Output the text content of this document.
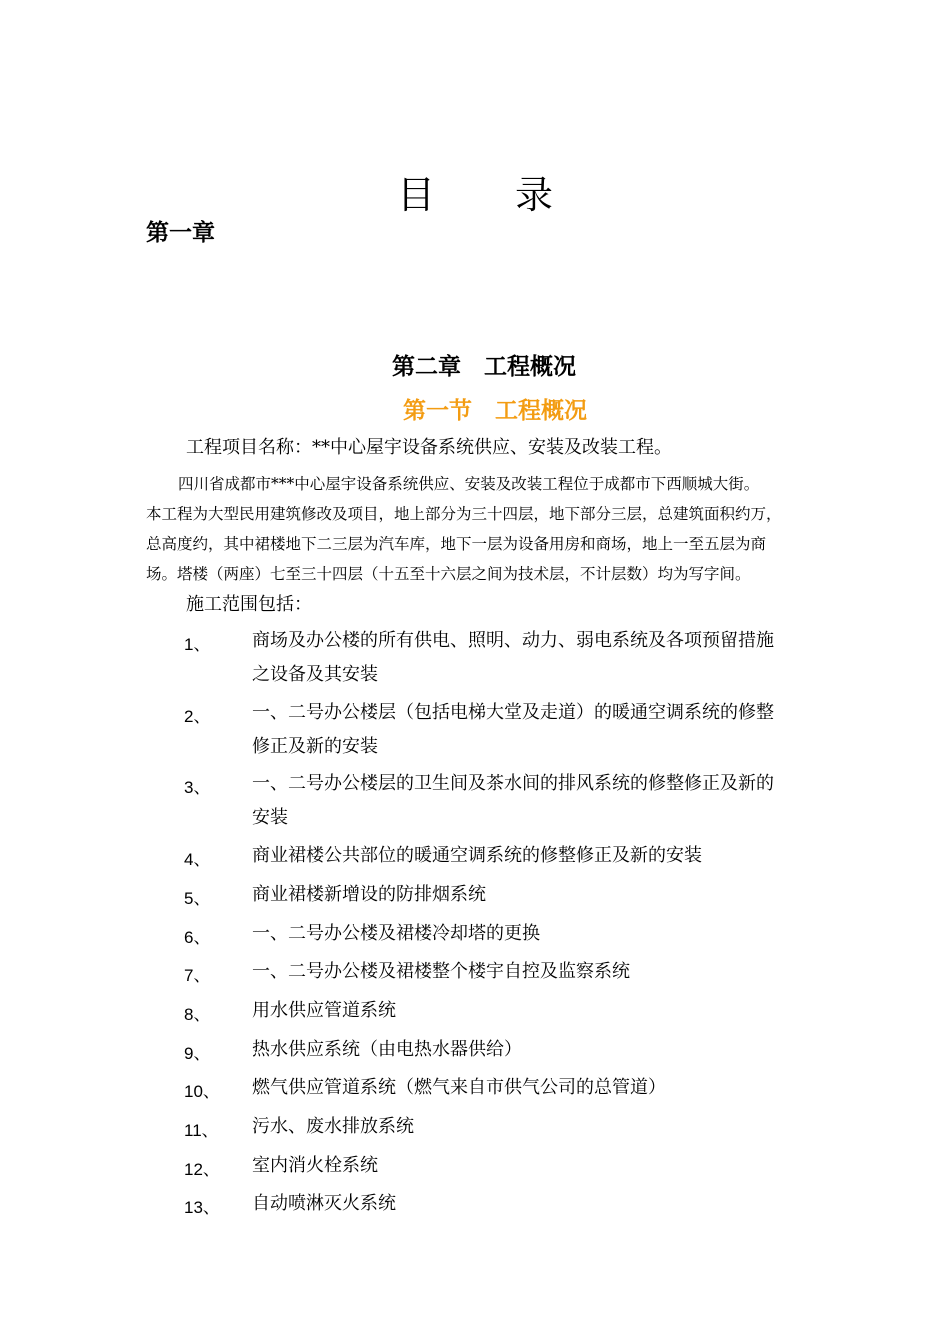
目 录
第一章
第二章　工程概况
第一节　工程概况
工程项目名称：**中心屋宇设备系统供应、安装及改装工程。
四川省成都市***中心屋宇设备系统供应、安装及改装工程位于成都市下西顺城大街。
本工程为大型民用建筑修改及项目，地上部分为三十四层，地下部分三层，总建筑面积约万，
总高度约，其中裙楼地下二三层为汽车库，地下一层为设备用房和商场，地上一至五层为商
场。塔楼（两座）七至三十四层（十五至十六层之间为技术层，不计层数）均为写字间。
施工范围包括：
1、 商场及办公楼的所有供电、照明、动力、弱电系统及各项预留措施
之设备及其安装
2、 一、二号办公楼层（包括电梯大堂及走道）的暖通空调系统的修整
修正及新的安装
3、 一、二号办公楼层的卫生间及茶水间的排风系统的修整修正及新的
安装
4、 商业裙楼公共部位的暖通空调系统的修整修正及新的安装
5、 商业裙楼新增设的防排烟系统
6、 一、二号办公楼及裙楼冷却塔的更换
7、 一、二号办公楼及裙楼整个楼宇自控及监察系统
8、 用水供应管道系统
9、 热水供应系统（由电热水器供给）
10、 燃气供应管道系统（燃气来自市供气公司的总管道）
11、 污水、废水排放系统
12、 室内消火栓系统
13、 自动喷淋灭火系统
